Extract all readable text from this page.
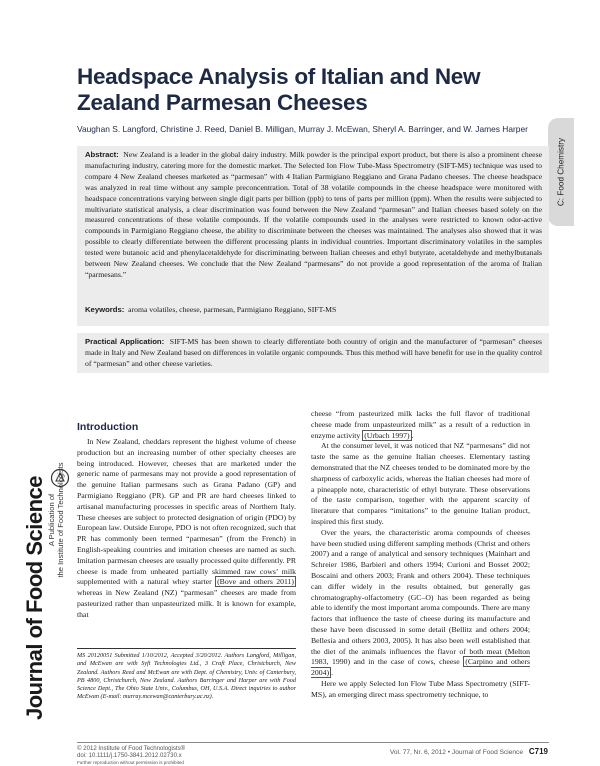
Headspace Analysis of Italian and New Zealand Parmesan Cheeses
Vaughan S. Langford, Christine J. Reed, Daniel B. Milligan, Murray J. McEwan, Sheryl A. Barringer, and W. James Harper
C: Food Chemistry
Abstract: New Zealand is a leader in the global dairy industry. Milk powder is the principal export product, but there is also a prominent cheese manufacturing industry, catering more for the domestic market. The Selected Ion Flow Tube-Mass Spectrometry (SIFT-MS) technique was used to compare 4 New Zealand cheeses marketed as “parmesan” with 4 Italian Parmigiano Reggiano and Grana Padano cheeses. The cheese headspace was analyzed in real time without any sample preconcentration. Total of 38 volatile compounds in the cheese headspace were monitored with headspace concentrations varying between single digit parts per billion (ppb) to tens of parts per million (ppm). When the results were subjected to multivariate statistical analysis, a clear discrimination was found between the New Zealand “parmesan” and Italian cheeses based solely on the measured concentrations of these volatile compounds. If the volatile compounds used in the analyses were restricted to known odor-active compounds in Parmigiano Reggiano cheese, the ability to discriminate between the cheeses was maintained. The analyses also showed that it was possible to clearly differentiate between the different processing plants in individual countries. Important discriminatory volatiles in the samples tested were butanoic acid and phenylacetaldehyde for discriminating between Italian cheeses and ethyl butyrate, acetaldehyde and methylbutanals between New Zealand cheeses. We conclude that the New Zealand “parmesans” do not provide a good representation of the aroma of Italian “parmesans.”
Keywords: aroma volatiles, cheese, parmesan, Parmigiano Reggiano, SIFT-MS
Practical Application: SIFT-MS has been shown to clearly differentiate both country of origin and the manufacturer of “parmesan” cheeses made in Italy and New Zealand based on differences in volatile organic compounds. Thus this method will have benefit for use in the quality control of “parmesan” and other cheese varieties.
Introduction

In New Zealand, cheddars represent the highest volume of cheese production but an increasing number of other specialty cheeses are being introduced. However, cheeses that are marketed under the generic name of parmesans may not provide a good representation of the genuine Italian parmesans such as Grana Padano (GP) and Parmigiano Reggiano (PR). GP and PR are hard cheeses linked to artisanal manufacturing processes in specific areas of Northern Italy. These cheeses are subject to protected designation of origin (PDO) by European law. Outside Europe, PDO is not often recognized, such that PR has commonly been termed “parmesan” (from the French) in English-speaking countries and imitation cheeses are named as such. Imitation parmesan cheeses are usually processed quite differently. PR cheese is made from unheated partially skimmed raw cows’ milk supplemented with a natural whey starter (Bove and others 2011) whereas in New Zealand (NZ) “parmesan” cheeses are made from pasteurized rather than unpasteurized milk. It is known for example, that

cheese “from pasteurized milk lacks the full flavor of traditional cheese made from unpasteurized milk” as a result of a reduction in enzyme activity (Urbach 1997) .

At the consumer level, it was noticed that NZ “parmesans” did not taste the same as the genuine Italian cheeses. Elementary tasting demonstrated that the NZ cheeses tended to be dominated more by the sharpness of carboxylic acids, whereas the Italian cheeses had more of a pineapple note, characteristic of ethyl butyrate. These observations of the taste comparison, together with the apparent scarcity of literature that compares “imitations” to the genuine Italian product, inspired this first study.

Over the years, the characteristic aroma compounds of cheeses have been studied using different sampling methods (Christ and others 2007) and a range of analytical and sensory techniques (Mainhart and Schreier 1986, Barbieri and others 1994; Curioni and Bosset 2002; Boscaini and others 2003; Frank and others 2004). These techniques can differ widely in the results obtained, but generally gas chromatography-olfactometry (GC–O) has been regarded as being able to identify the most important aroma compounds. There are many factors that influence the taste of cheese during its manufacture and these have been discussed in some detail (Bellitz and others 2004; Bellesia and others 2003, 2005). It has also been well established that the diet of the animals influences the flavor of both meat (Melton 1983, 1990) and in the case of cows, cheese (Carpino and others 2004) .

Here we apply Selected Ion Flow Tube Mass Spectrometry (SIFT-MS), an emerging direct mass spectrometry technique, to

MS 20120051 Submitted 1/10/2012, Accepted 3/20/2012. Authors Langford, Milligan, and McEwan are with Syft Technologies Ltd., 3 Craft Place, Christchurch, New Zealand. Authors Reed and McEwan are with Dept. of Chemistry, Univ. of Canterbury, PB 4800, Christchurch, New Zealand. Authors Barringer and Harper are with Food Science Dept., The Ohio State Univ., Columbus, OH, U.S.A. Direct inquiries to author McEwan (E-mail: murray.mcewan@canterbury.ac.nz).
A Publication of the Institute of Food Technologists
Journal of Food Science
© 2012 Institute of Food Technologists®
doi: 10.1111/j.1750-3841.2012.02730.x
Further reproduction without permission is prohibited
Vol. 77, Nr. 6, 2012 • Journal of Food Science C719
